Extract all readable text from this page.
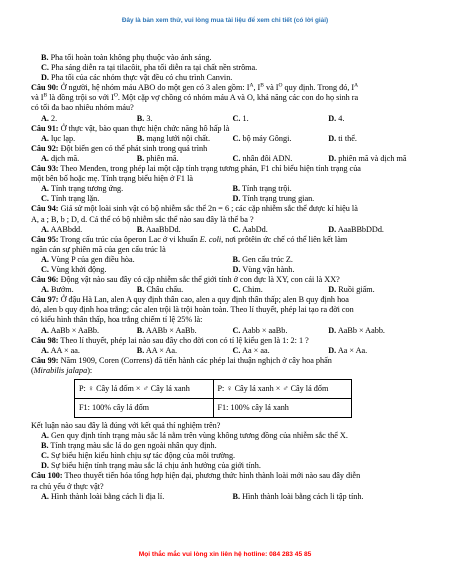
Đây là bản xem thử, vui lòng mua tài liệu để xem chi tiết (có lời giải)
B. Pha tối hoàn toàn không phụ thuộc vào ánh sáng.
C. Pha sáng diễn ra tại tilacôit, pha tối diễn ra tại chất nền strôma.
D. Pha tối của các nhóm thực vật đều có chu trình Canvin.
Câu 90: Ở người, hệ nhóm máu ABO do một gen có 3 alen gồm: $I^A$, $I^B$ và $I^O$ quy định. Trong đó, $I^A$
và $I^B$ là đồng trội so với $I^O$. Một cặp vợ chồng có nhóm máu A và O, khả năng các con do họ sinh ra
có tối đa bao nhiêu nhóm máu?
A. 2.	B. 3.	C. 1.	D. 4.
Câu 91: Ở thực vật, bào quan thực hiện chức năng hô hấp là
A. lục lạp.	B. mạng lưới nội chất.	C. bộ máy Gôngi.	D. ti thể.
Câu 92: Đột biến gen có thể phát sinh trong quá trình
A. dịch mã.	B. phiên mã.	C. nhân đôi ADN.	D. phiên mã và dịch mã
Câu 93: Theo Menđen, trong phép lai một cặp tính trạng tương phản, F1 chỉ biểu hiện tính trạng của
một bên bố hoặc mẹ. Tính trạng biểu hiện ở F1 là
A. Tính trạng tương ứng.	B. Tính trạng trội.
C. Tính trạng lặn.	D. Tính trạng trung gian.
Câu 94: Giả sử một loài sinh vật có bộ nhiễm sắc thể 2n = 6 ; các cặp nhiễm sắc thể được kí hiệu là
A, a ; B, b ; D, d. Cá thể có bộ nhiễm sắc thể nào sau đây là thể ba ?
A. AABbdd.	B. AaaBbDd.	C. AabDd.	D. AaaBBbDDd.
Câu 95: Trong cấu trúc của ôperon Lac ở vi khuẩn E. coli, nơi prôtêin ức chế có thể liên kết làm
ngăn cản sự phiên mã của gen cấu trúc là
A. Vùng P của gen điều hòa.	B. Gen cấu trúc Z.
C. Vùng khởi động.	D. Vùng vận hành.
Câu 96: Động vật nào sau đây có cặp nhiễm sắc thể giới tính ở con đực là XY, con cái là XX?
A. Bướm.	B. Châu chấu.	C. Chim.	D. Ruồi giấm.
Câu 97: Ở đậu Hà Lan, alen A quy định thân cao, alen a quy định thân thấp; alen B quy định hoa
đỏ, alen b quy định hoa trắng; các alen trội là trội hoàn toàn. Theo lí thuyết, phép lai tạo ra đời con
có kiểu hình thân thấp, hoa trắng chiếm tỉ lệ 25% là:
A. AaBb × AaBb.	B. AABb × AaBb.	C. Aabb × aaBb.	D. AaBb × Aabb.
Câu 98: Theo lí thuyết, phép lai nào sau đây cho đời con có tỉ lệ kiểu gen là 1: 2: 1 ?
A. AA × aa.	B. AA × Aa.	C. Aa × aa.	D. Aa × Aa.
Câu 99: Năm 1909, Coren (Correns) đã tiến hành các phép lai thuận nghịch ở cây hoa phấn
(Mirabilis jalapa):
P: ♀ Cây lá đốm × ♂ Cây lá xanh	P: ♀ Cây lá xanh × ♂ Cây lá đốm
F1: 100% cây lá đốm	F1: 100% cây lá xanh
Kết luận nào sau đây là đúng với kết quả thí nghiệm trên?
A. Gen quy định tính trạng màu sắc lá nằm trên vùng không tương đồng của nhiễm sắc thể X.
B. Tính trạng màu sắc lá do gen ngoài nhân quy định.
C. Sự biểu hiện kiểu hình chịu sự tác động của môi trường.
D. Sự biểu hiện tính trạng màu sắc lá chịu ảnh hưởng của giới tính.
Câu 100: Theo thuyết tiến hóa tổng hợp hiện đại, phương thức hình thành loài mới nào sau đây diễn
ra chủ yếu ở thực vật?
A. Hình thành loài bằng cách li địa lí.	B. Hình thành loài bằng cách li tập tính.
Mọi thắc mắc vui lòng xin liên hệ hotline: 084 283 45 85
